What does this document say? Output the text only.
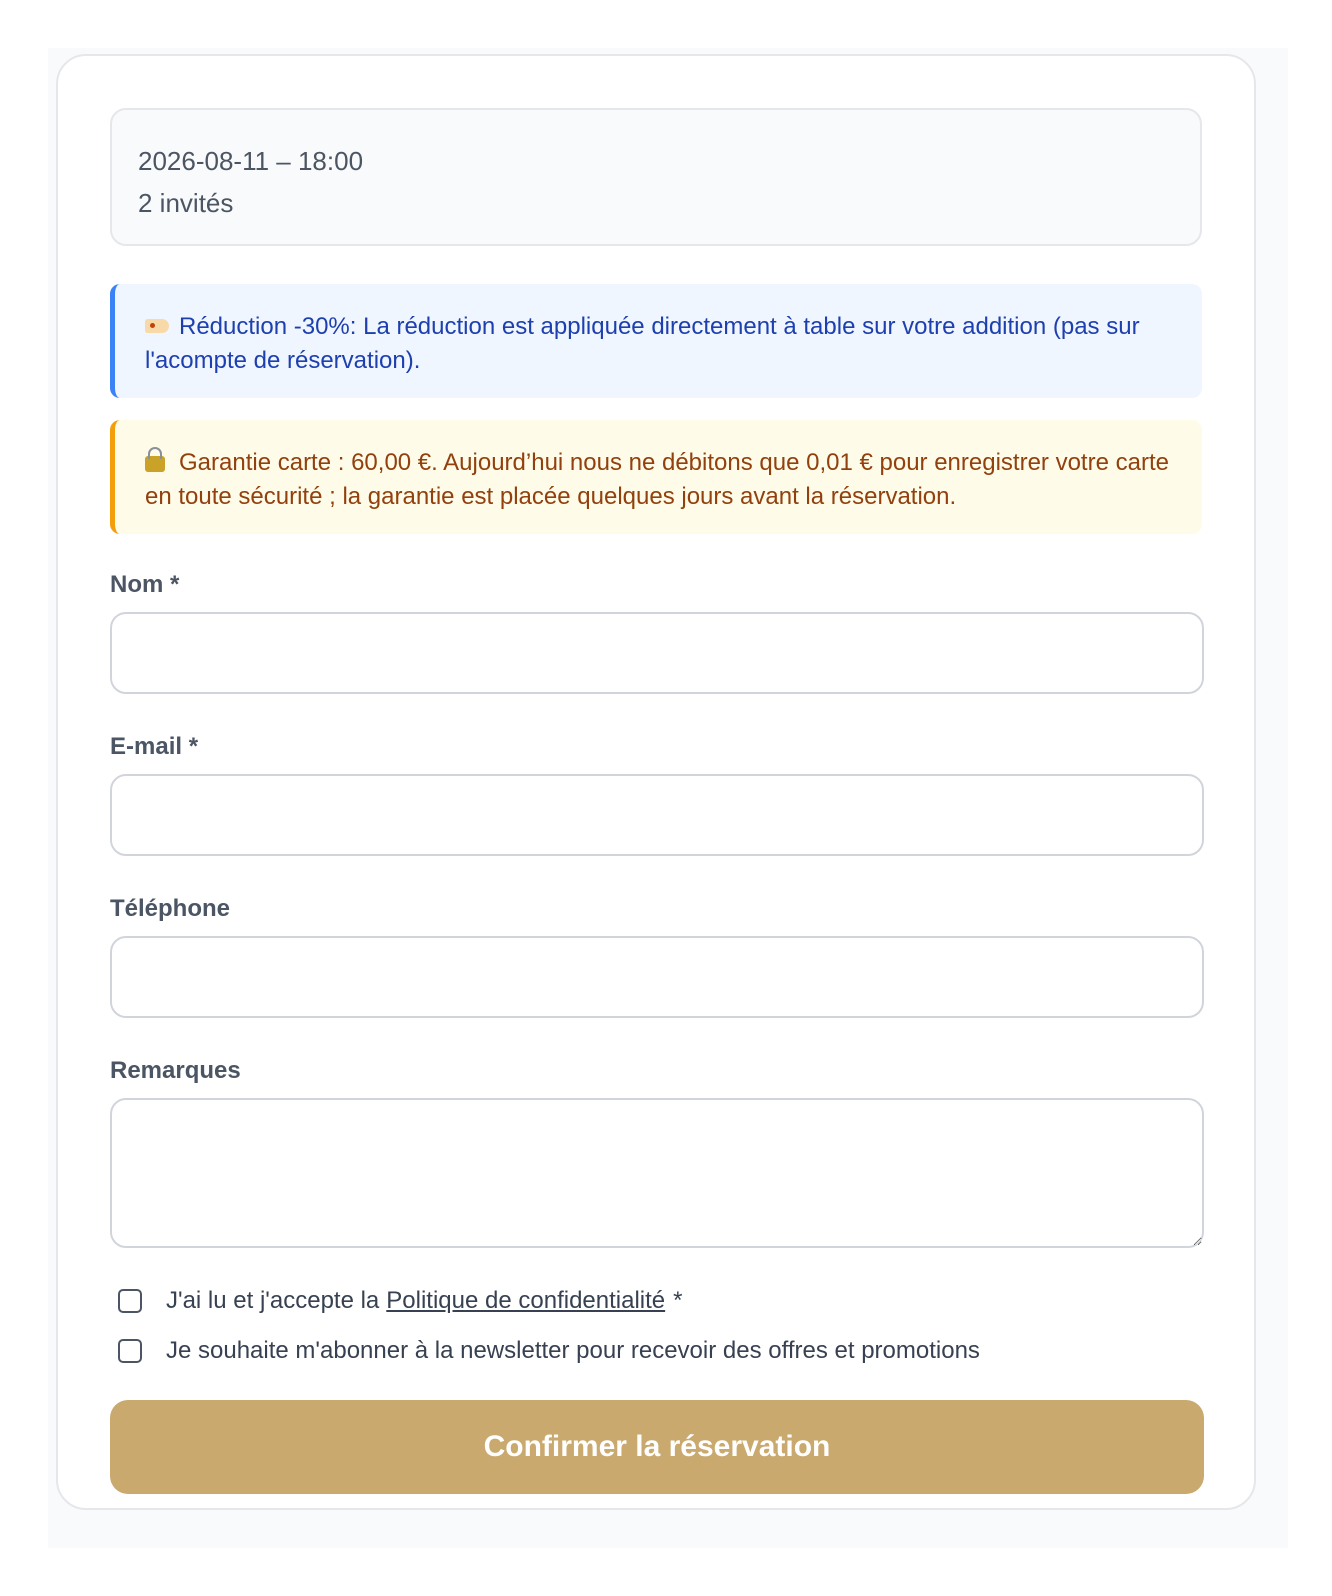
2026-08-11 – 18:00
2 invités
Réduction -30%: La réduction est appliquée directement à table sur votre addition (pas sur l'acompte de réservation).
Garantie carte : 60,00 €. Aujourd’hui nous ne débitons que 0,01 € pour enregistrer votre carte en toute sécurité ; la garantie est placée quelques jours avant la réservation.
Nom *
E-mail *
Téléphone
Remarques
J'ai lu et j'accepte la Politique de confidentialité *
Je souhaite m'abonner à la newsletter pour recevoir des offres et promotions
Confirmer la réservation
